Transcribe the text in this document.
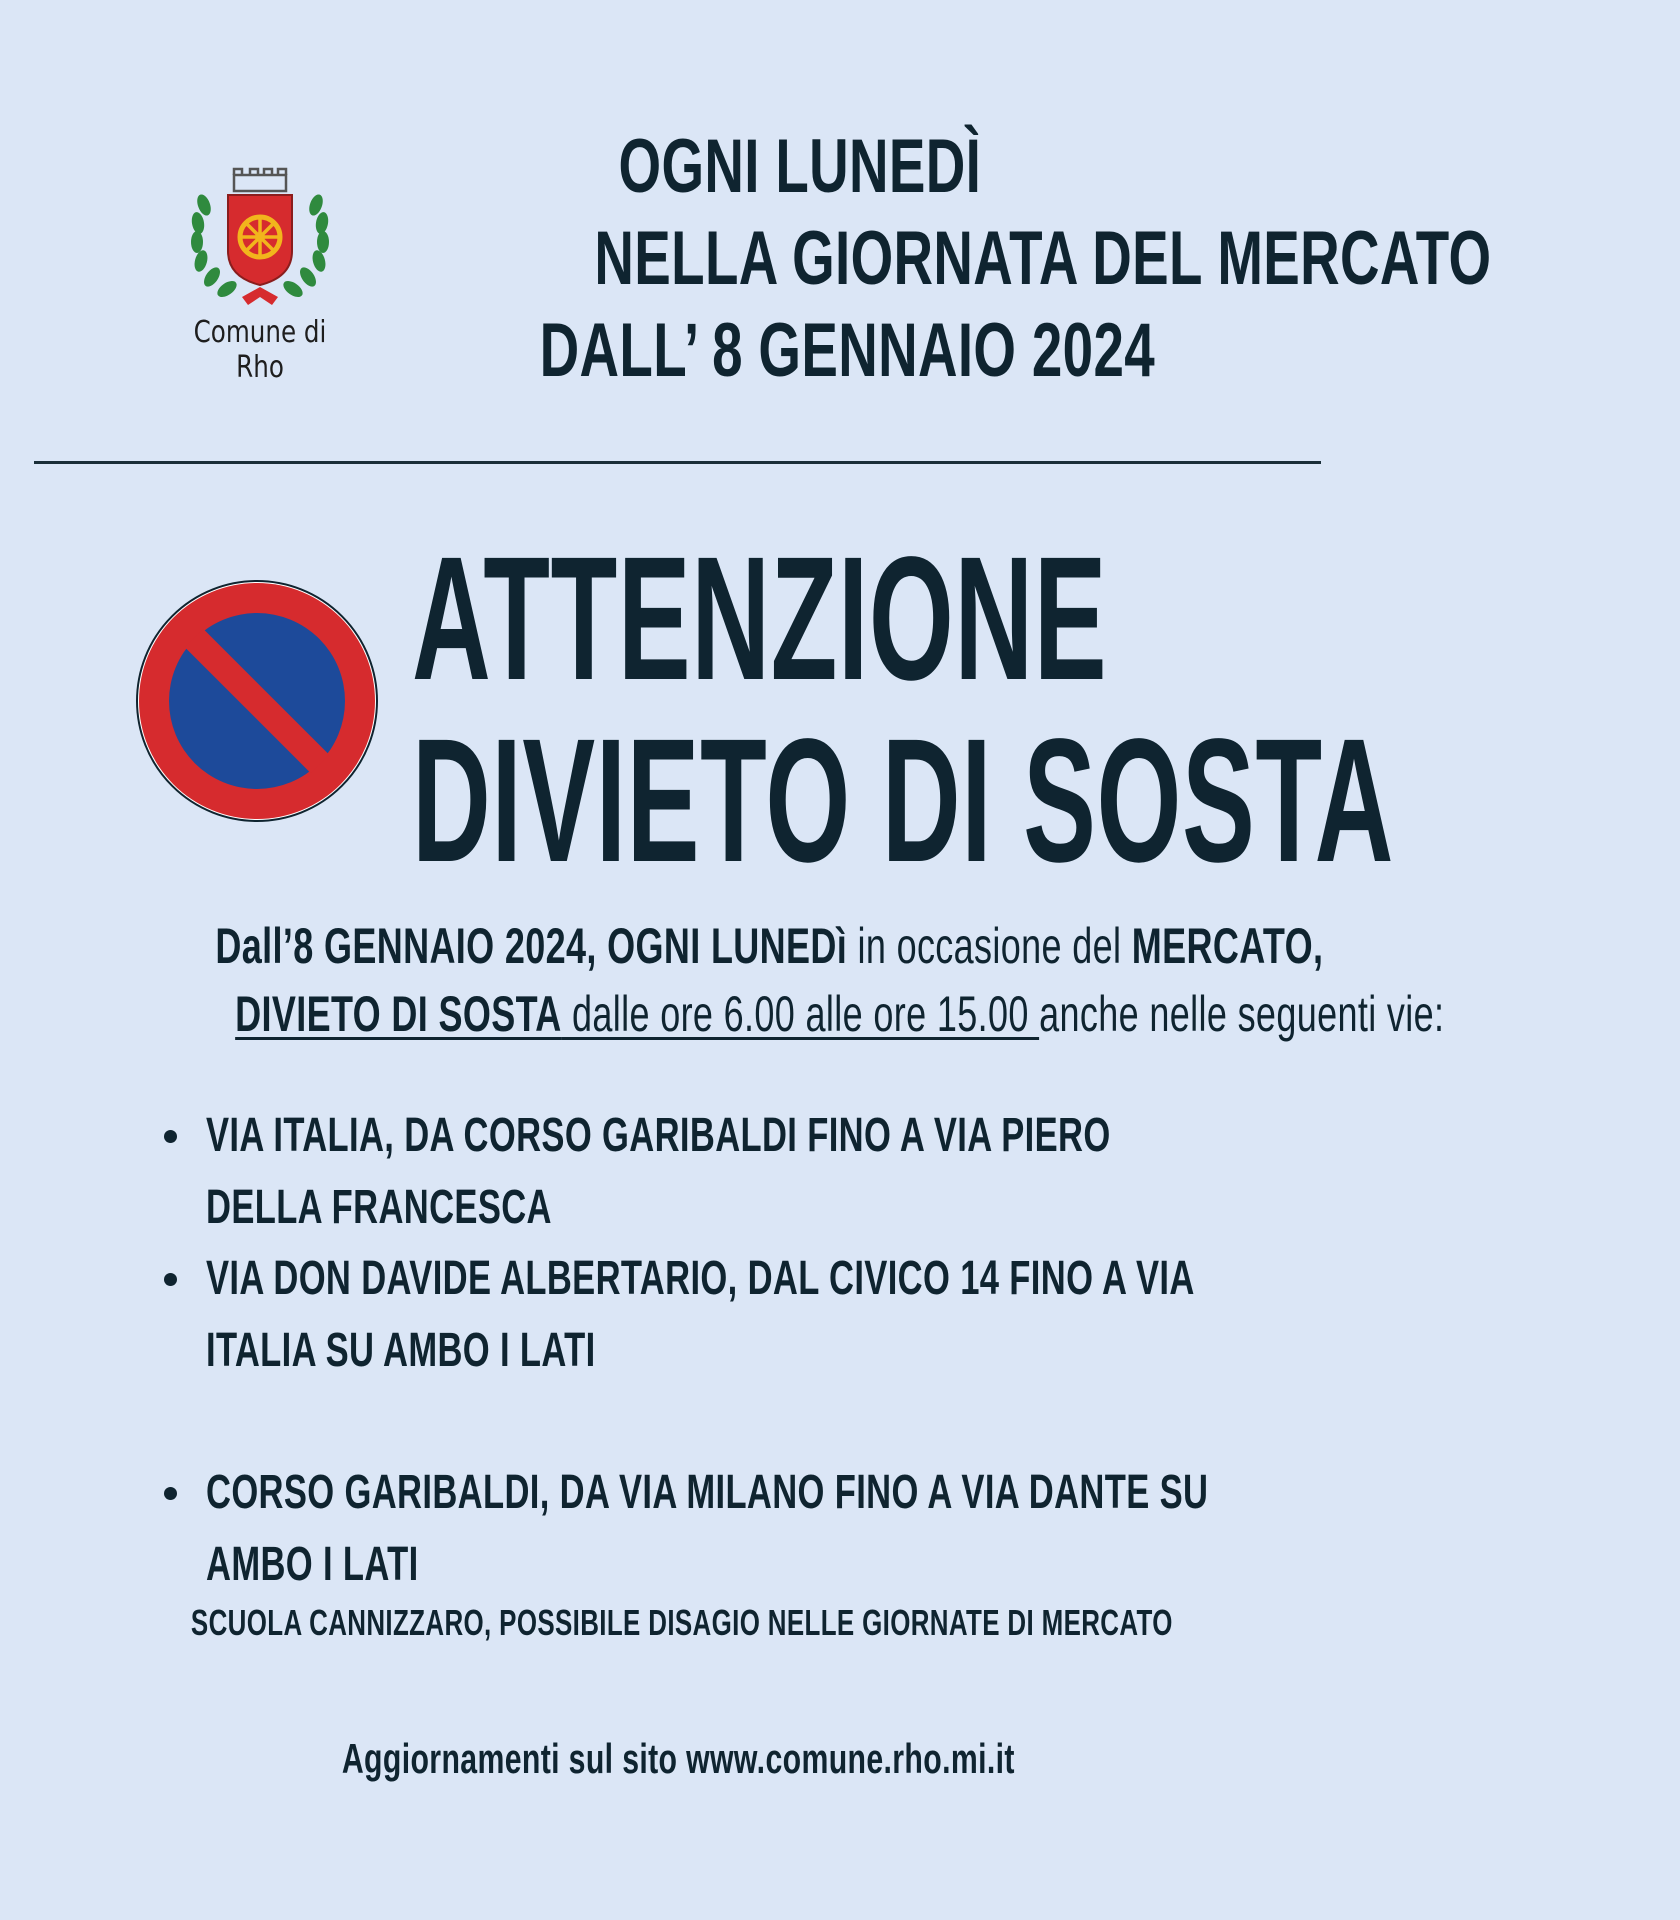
Comune di Rho
OGNI LUNEDÌ
NELLA GIORNATA DEL MERCATO
DALL’ 8 GENNAIO 2024
ATTENZIONE
DIVIETO DI SOSTA
Dall’8 GENNAIO 2024, OGNI LUNEDì in occasione del MERCATO,
DIVIETO DI SOSTA dalle ore 6.00 alle ore 15.00 anche nelle seguenti vie:
VIA ITALIA, DA CORSO GARIBALDI FINO A VIA PIERO DELLA FRANCESCA
VIA DON DAVIDE ALBERTARIO, DAL CIVICO 14 FINO A VIA ITALIA SU AMBO I LATI
CORSO GARIBALDI, DA VIA MILANO FINO A VIA DANTE SU AMBO I LATI
SCUOLA CANNIZZARO, POSSIBILE DISAGIO NELLE GIORNATE DI MERCATO
Aggiornamenti sul sito www.comune.rho.mi.it
